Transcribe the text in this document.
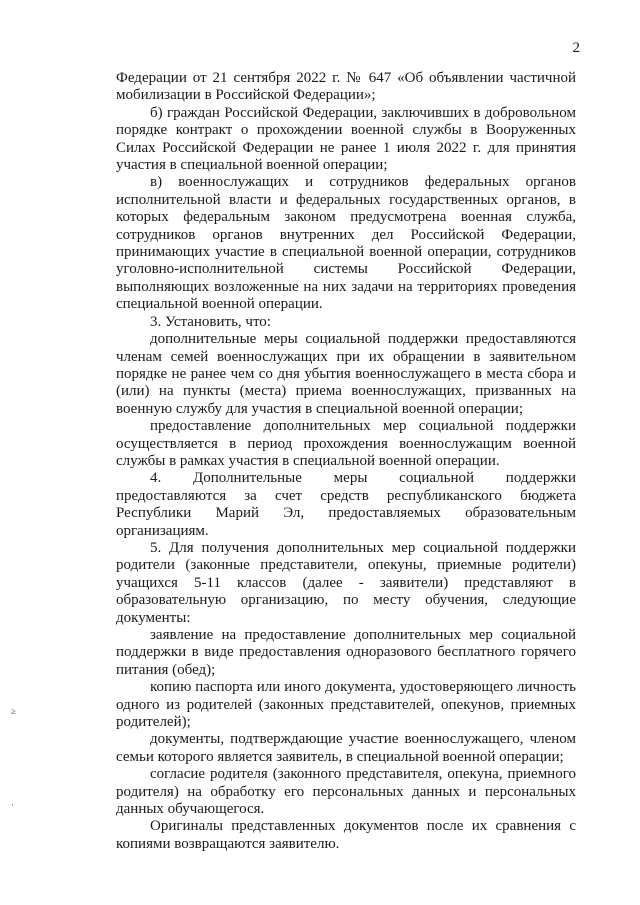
2

Федерации от 21 сентября 2022 г. № 647 «Об объявлении частичной мобилизации в Российской Федерации»;

б) граждан Российской Федерации, заключивших в добровольном порядке контракт о прохождении военной службы в Вооруженных Силах Российской Федерации не ранее 1 июля 2022 г. для принятия участия в специальной военной операции;

в) военнослужащих и сотрудников федеральных органов исполнительной власти и федеральных государственных органов, в которых федеральным законом предусмотрена военная служба, сотрудников органов внутренних дел Российской Федерации, принимающих участие в специальной военной операции, сотрудников уголовно-исполнительной системы Российской Федерации, выполняющих возложенные на них задачи на территориях проведения специальной военной операции.

3. Установить, что:

дополнительные меры социальной поддержки предоставляются членам семей военнослужащих при их обращении в заявительном порядке не ранее чем со дня убытия военнослужащего в места сбора и (или) на пункты (места) приема военнослужащих, призванных на военную службу для участия в специальной военной операции;

предоставление дополнительных мер социальной поддержки осуществляется в период прохождения военнослужащим военной службы в рамках участия в специальной военной операции.

4. Дополнительные меры социальной поддержки предоставляются за счет средств республиканского бюджета Республики Марий Эл, предоставляемых образовательным организациям.

5. Для получения дополнительных мер социальной поддержки родители (законные представители, опекуны, приемные родители) учащихся 5-11 классов (далее - заявители) представляют в образовательную организацию, по месту обучения, следующие документы:

заявление на предоставление дополнительных мер социальной поддержки в виде предоставления одноразового бесплатного горячего питания (обед);

копию паспорта или иного документа, удостоверяющего личность одного из родителей (законных представителей, опекунов, приемных родителей);

документы, подтверждающие участие военнослужащего, членом семьи которого является заявитель, в специальной военной операции;

согласие родителя (законного представителя, опекуна, приемного родителя) на обработку его персональных данных и персональных данных обучающегося.

Оригиналы представленных документов после их сравнения с копиями возвращаются заявителю.

≥
·
